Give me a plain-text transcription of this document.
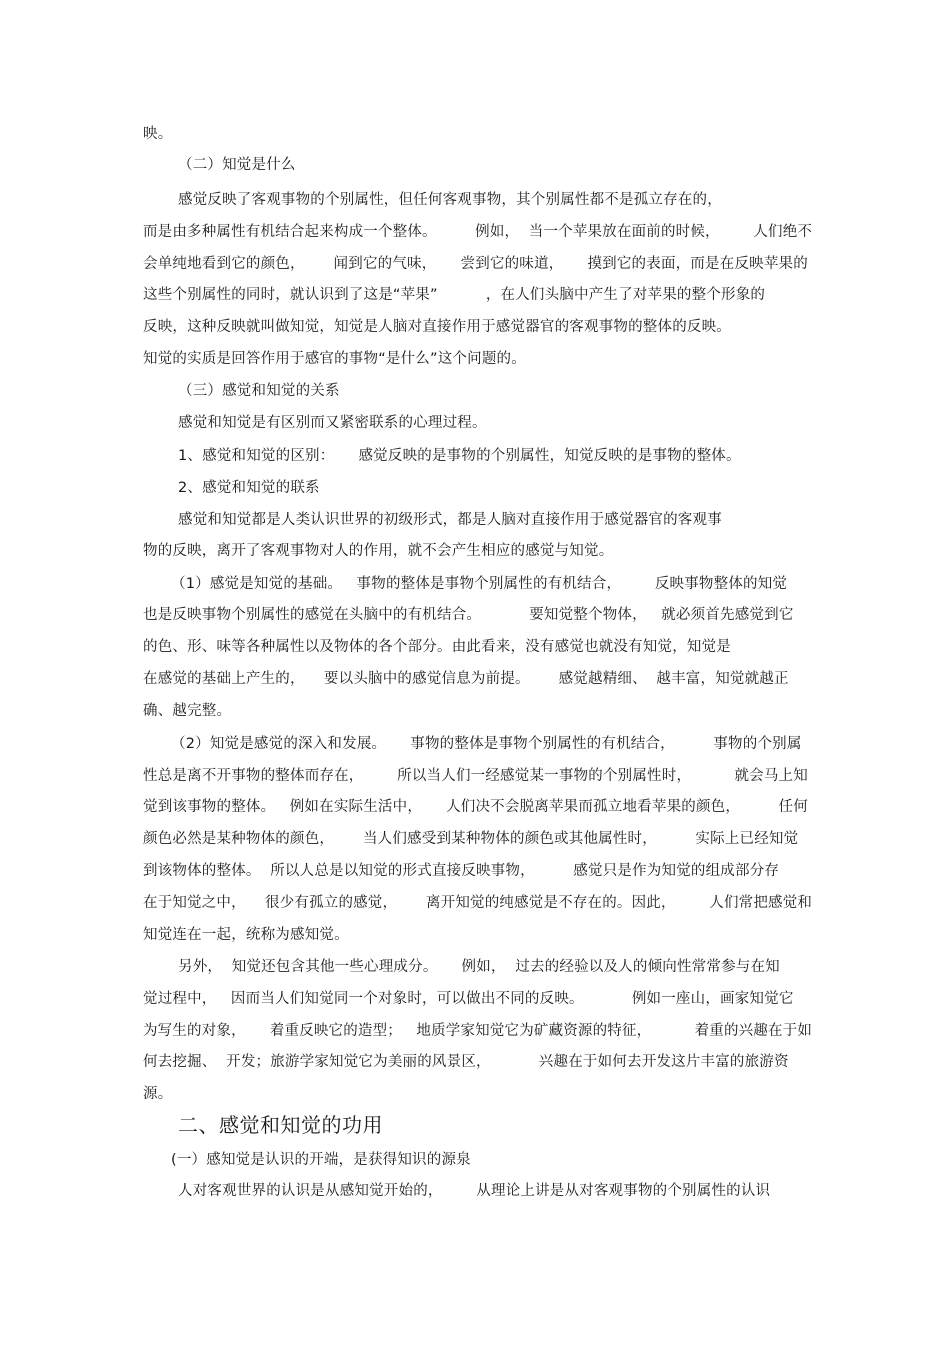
映。
（二）知觉是什么
感觉反映了客观事物的个别属性，但任何客观事物，其个别属性都不是孤立存在的，
而是由多种属性有机结合起来构成一个整体。        例如，  当一个苹果放在面前的时候，       人们绝不
会单纯地看到它的颜色，      闻到它的气味，     尝到它的味道，     摸到它的表面，而是在反映苹果的
这些个别属性的同时，就认识到了这是“苹果”          ，在人们头脑中产生了对苹果的整个形象的
反映，这种反映就叫做知觉，知觉是人脑对直接作用于感觉器官的客观事物的整体的反映。
知觉的实质是回答作用于感官的事物“是什么”这个问题的。
（三）感觉和知觉的关系
感觉和知觉是有区别而又紧密联系的心理过程。
1、感觉和知觉的区别：     感觉反映的是事物的个别属性，知觉反映的是事物的整体。
2、感觉和知觉的联系
感觉和知觉都是人类认识世界的初级形式，都是人脑对直接作用于感觉器官的客观事
物的反映，离开了客观事物对人的作用，就不会产生相应的感觉与知觉。
（1）感觉是知觉的基础。   事物的整体是事物个别属性的有机结合，       反映事物整体的知觉
也是反映事物个别属性的感觉在头脑中的有机结合。          要知觉整个物体，   就必须首先感觉到它
的色、形、味等各种属性以及物体的各个部分。由此看来，没有感觉也就没有知觉，知觉是
在感觉的基础上产生的，    要以头脑中的感觉信息为前提。      感觉越精细、  越丰富，知觉就越正
确、越完整。
（2）知觉是感觉的深入和发展。     事物的整体是事物个别属性的有机结合，        事物的个别属
性总是离不开事物的整体而存在，       所以当人们一经感觉某一事物的个别属性时，         就会马上知
觉到该事物的整体。   例如在实际生活中，     人们决不会脱离苹果而孤立地看苹果的颜色，        任何
颜色必然是某种物体的颜色，      当人们感受到某种物体的颜色或其他属性时，        实际上已经知觉
到该物体的整体。  所以人总是以知觉的形式直接反映事物，        感觉只是作为知觉的组成部分存
在于知觉之中，    很少有孤立的感觉，      离开知觉的纯感觉是不存在的。因此，       人们常把感觉和
知觉连在一起，统称为感知觉。
另外，  知觉还包含其他一些心理成分。     例如，  过去的经验以及人的倾向性常常参与在知
觉过程中，   因而当人们知觉同一个对象时，可以做出不同的反映。          例如一座山，画家知觉它
为写生的对象，     着重反映它的造型；   地质学家知觉它为矿藏资源的特征，         着重的兴趣在于如
何去挖掘、  开发；旅游学家知觉它为美丽的风景区，          兴趣在于如何去开发这片丰富的旅游资
源。
二、感觉和知觉的功用
(一）感知觉是认识的开端，是获得知识的源泉
人对客观世界的认识是从感知觉开始的，       从理论上讲是从对客观事物的个别属性的认识
